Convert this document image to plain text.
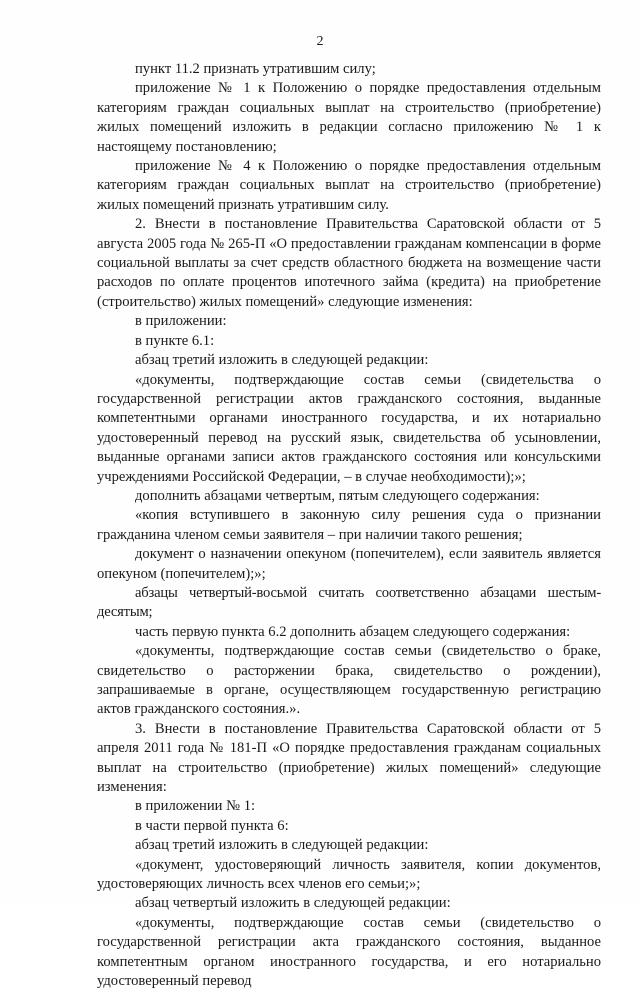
2

пункт 11.2 признать утратившим силу;

приложение № 1 к Положению о порядке предоставления отдельным категориям граждан социальных выплат на строительство (приобретение) жилых помещений изложить в редакции согласно приложению № 1 к настоящему постановлению;

приложение № 4 к Положению о порядке предоставления отдельным категориям граждан социальных выплат на строительство (приобретение) жилых помещений признать утратившим силу.

2. Внести в постановление Правительства Саратовской области от 5 августа 2005 года № 265-П «О предоставлении гражданам компенсации в форме социальной выплаты за счет средств областного бюджета на возмещение части расходов по оплате процентов ипотечного займа (кредита) на приобретение (строительство) жилых помещений» следующие изменения:

в приложении:

в пункте 6.1:

абзац третий изложить в следующей редакции:

«документы, подтверждающие состав семьи (свидетельства о государственной регистрации актов гражданского состояния, выданные компетентными органами иностранного государства, и их нотариально удостоверенный перевод на русский язык, свидетельства об усыновлении, выданные органами записи актов гражданского состояния или консульскими учреждениями Российской Федерации, – в случае необходимости);»;

дополнить абзацами четвертым, пятым следующего содержания:

«копия вступившего в законную силу решения суда о признании гражданина членом семьи заявителя – при наличии такого решения;

документ о назначении опекуном (попечителем), если заявитель является опекуном (попечителем);»;

абзацы четвертый-восьмой считать соответственно абзацами шестым-десятым;

часть первую пункта 6.2 дополнить абзацем следующего содержания:

«документы, подтверждающие состав семьи (свидетельство о браке, свидетельство о расторжении брака, свидетельство о рождении), запрашиваемые в органе, осуществляющем государственную регистрацию актов гражданского состояния.».

3. Внести в постановление Правительства Саратовской области от 5 апреля 2011 года № 181-П «О порядке предоставления гражданам социальных выплат на строительство (приобретение) жилых помещений» следующие изменения:

в приложении № 1:

в части первой пункта 6:

абзац третий изложить в следующей редакции:

«документ, удостоверяющий личность заявителя, копии документов, удостоверяющих личность всех членов его семьи;»;

абзац четвертый изложить в следующей редакции:

«документы, подтверждающие состав семьи (свидетельство о государственной регистрации акта гражданского состояния, выданное компетентным органом иностранного государства, и его нотариально удостоверенный перевод
